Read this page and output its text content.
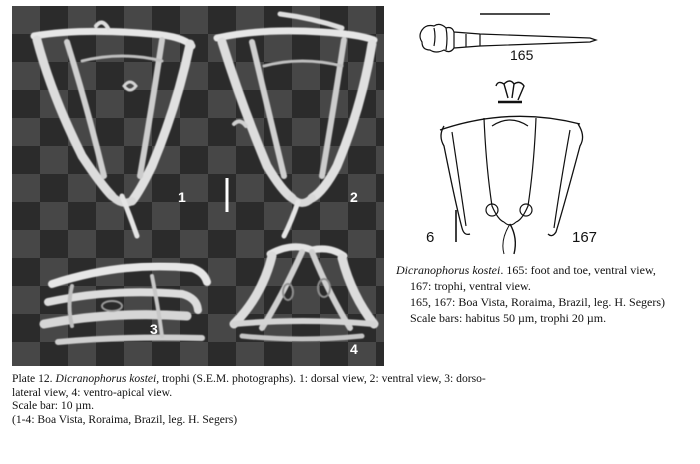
1	2
3
4
165
6	167

Dicranophorus kostei. 165: foot and toe, ventral view,

167: trophi, ventral view.

165, 167: Boa Vista, Roraima, Brazil, leg. H. Segers)

Scale bars: habitus 50 µm, trophi 20 µm.

Plate 12. Dicranophorus kostei, trophi (S.E.M. photographs). 1: dorsal view, 2: ventral view, 3: dorso-

lateral view, 4: ventro-apical view.

Scale bar: 10 µm.

(1-4: Boa Vista, Roraima, Brazil, leg. H. Segers)
